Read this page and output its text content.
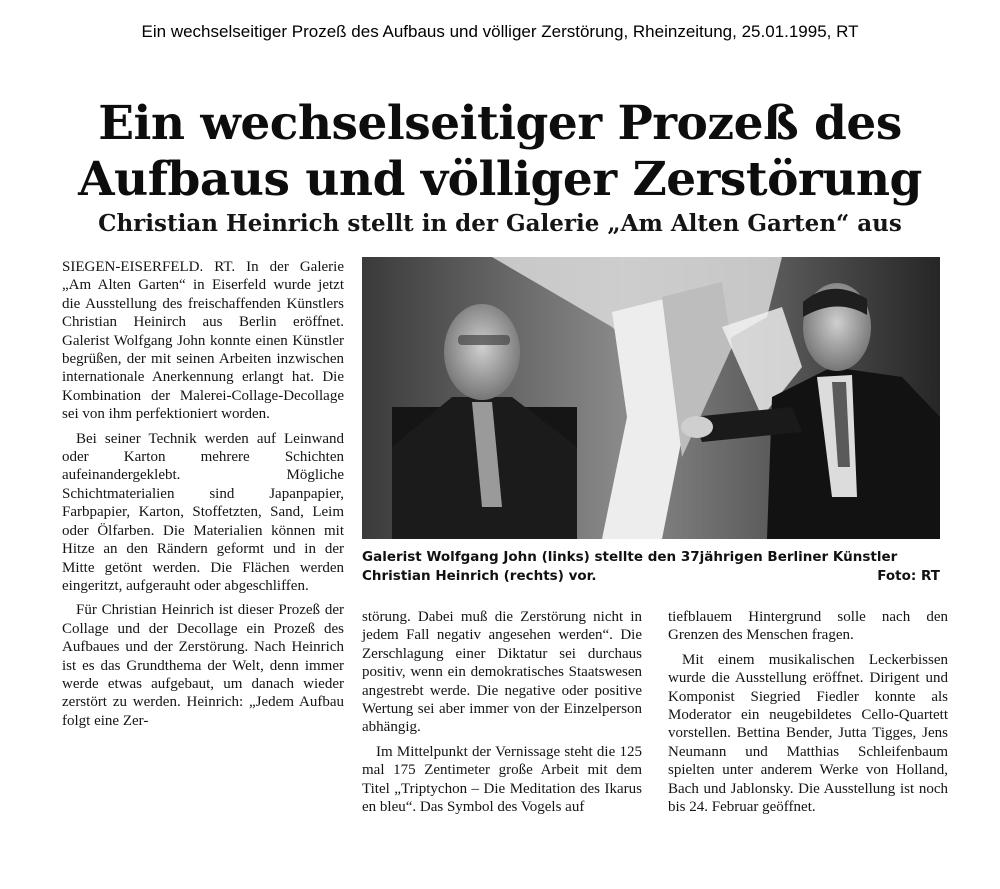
Ein wechselseitiger Prozeß des Aufbaus und völliger Zerstörung, Rheinzeitung, 25.01.1995, RT
Ein wechselseitiger Prozeß des
Aufbaus und völliger Zerstörung
Christian Heinrich stellt in der Galerie „Am Alten Garten“ aus

SIEGEN-EISERFELD. RT. In der Galerie „Am Alten Garten“ in Eiserfeld wurde jetzt die Ausstellung des freischaffenden Künstlers Christian Heinirch aus Berlin eröffnet. Galerist Wolfgang John konnte einen Künstler begrüßen, der mit seinen Arbeiten inzwischen internationale Anerkennung erlangt hat. Die Kombination der Malerei-Collage-Decollage sei von ihm perfektioniert worden.

Bei seiner Technik werden auf Leinwand oder Karton mehrere Schichten aufeinandergeklebt. Mögliche Schichtmaterialien sind Japanpapier, Farbpapier, Karton, Stoffetzten, Sand, Leim oder Ölfarben. Die Materialien können mit Hitze an den Rändern geformt und in der Mitte getönt werden. Die Flächen werden eingeritzt, aufgerauht oder abgeschliffen.

Für Christian Heinrich ist dieser Prozeß der Collage und der Decollage ein Prozeß des Aufbaues und der Zerstörung. Nach Heinrich ist es das Grundthema der Welt, denn immer werde etwas aufgebaut, um danach wieder zerstört zu werden. Heinrich: „Jedem Aufbau folgt eine Zer-

Galerist Wolfgang John (links) stellte den 37jährigen Berliner Künstler
Christian Heinrich (rechts) vor.	Foto: RT

störung. Dabei muß die Zerstörung nicht in jedem Fall negativ angesehen werden“. Die Zerschlagung einer Diktatur sei durchaus positiv, wenn ein demokratisches Staatswesen angestrebt werde. Die negative oder positive Wertung sei aber immer von der Einzelperson abhängig.

Im Mittelpunkt der Vernissage steht die 125 mal 175 Zentimeter große Arbeit mit dem Titel „Triptychon – Die Meditation des Ikarus en bleu“. Das Symbol des Vogels auf

tiefblauem Hintergrund solle nach den Grenzen des Menschen fragen.

Mit einem musikalischen Leckerbissen wurde die Ausstellung eröffnet. Dirigent und Komponist Siegried Fiedler konnte als Moderator ein neugebildetes Cello-Quartett vorstellen. Bettina Bender, Jutta Tigges, Jens Neumann und Matthias Schleifenbaum spielten unter anderem Werke von Holland, Bach und Jablonsky. Die Ausstellung ist noch bis 24. Februar geöffnet.
